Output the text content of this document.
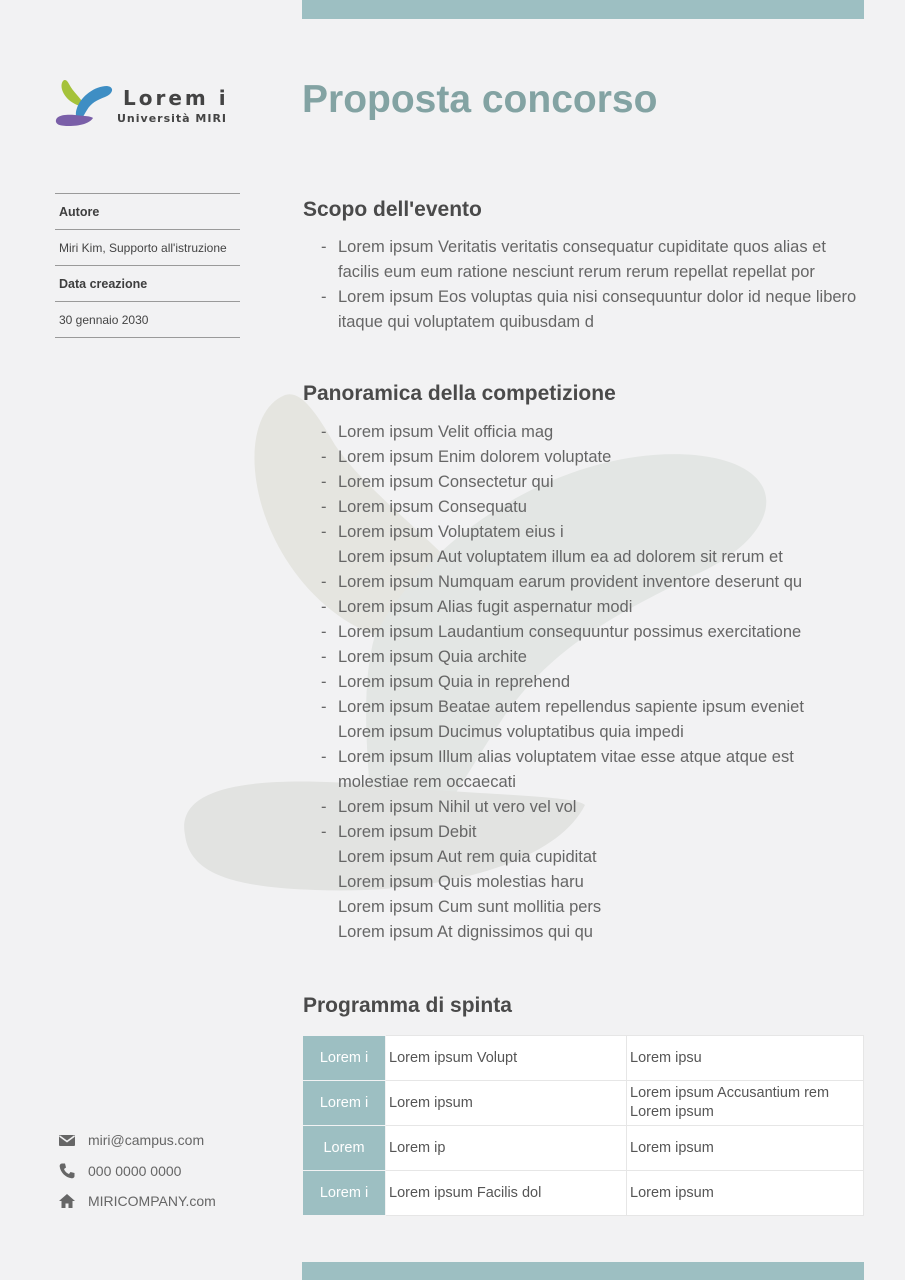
Lorem i
Università MIRI Proposta concorso
Autore
Miri Kim, Supporto all'istruzione
Data creazione
30 gennaio 2030
Scopo dell'evento
- Lorem ipsum Veritatis veritatis consequatur cupiditate quos alias et
facilis eum eum ratione nesciunt rerum rerum repellat repellat por
- Lorem ipsum Eos voluptas quia nisi consequuntur dolor id neque libero
itaque qui voluptatem quibusdam d
Panoramica della competizione
- Lorem ipsum Velit officia mag
- Lorem ipsum Enim dolorem voluptate
- Lorem ipsum Consectetur qui
- Lorem ipsum Consequatu
- Lorem ipsum Voluptatem eius i
Lorem ipsum Aut voluptatem illum ea ad dolorem sit rerum et
- Lorem ipsum Numquam earum provident inventore deserunt qu
- Lorem ipsum Alias fugit aspernatur modi
- Lorem ipsum Laudantium consequuntur possimus exercitatione
- Lorem ipsum Quia archite
- Lorem ipsum Quia in reprehend
- Lorem ipsum Beatae autem repellendus sapiente ipsum eveniet
Lorem ipsum Ducimus voluptatibus quia impedi
- Lorem ipsum Illum alias voluptatem vitae esse atque atque est
molestiae rem occaecati
- Lorem ipsum Nihil ut vero vel vol
- Lorem ipsum Debit
Lorem ipsum Aut rem quia cupiditat
Lorem ipsum Quis molestias haru
Lorem ipsum Cum sunt mollitia pers
Lorem ipsum At dignissimos qui qu
Programma di spinta
Lorem i	Lorem ipsum Volupt	Lorem ipsu

Lorem i	Lorem ipsum	Lorem ipsum Accusantium rem
Lorem ipsum

Lorem	Lorem ip	Lorem ipsum

Lorem i	Lorem ipsum Facilis dol	Lorem ipsum
miri@campus.com
000 0000 0000
MIRICOMPANY.com
